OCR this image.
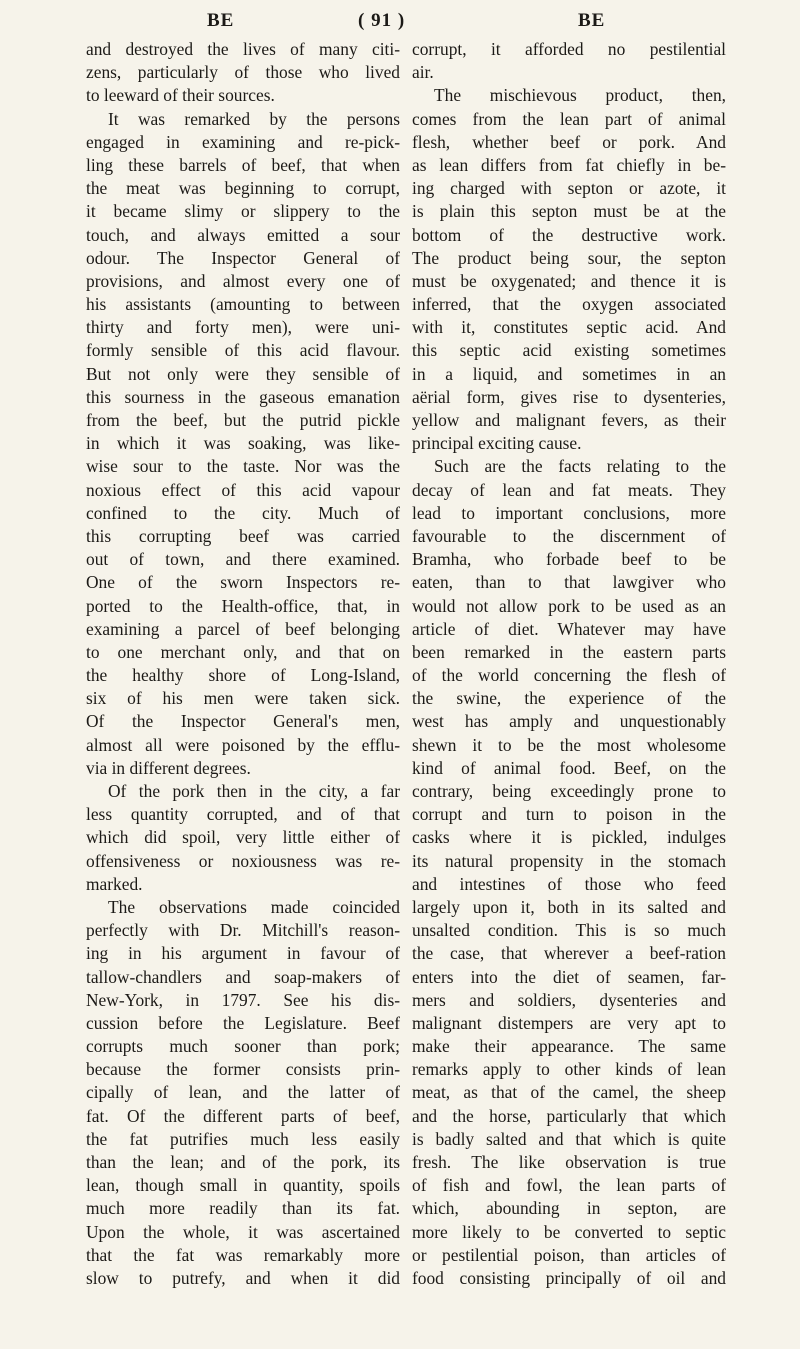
BE	( 91 )	BE
and destroyed the lives of many citi-
zens, particularly of those who lived
to leeward of their sources.
It was remarked by the persons
engaged in examining and re-pick-
ling these barrels of beef, that when
the meat was beginning to corrupt,
it became slimy or slippery to the
touch, and always emitted a sour
odour. The Inspector General of
provisions, and almost every one of
his assistants (amounting to between
thirty and forty men), were uni-
formly sensible of this acid flavour.
But not only were they sensible of
this sourness in the gaseous emanation
from the beef, but the putrid pickle
in which it was soaking, was like-
wise sour to the taste. Nor was the
noxious effect of this acid vapour
confined to the city. Much of
this corrupting beef was carried
out of town, and there examined.
One of the sworn Inspectors re-
ported to the Health-office, that, in
examining a parcel of beef belonging
to one merchant only, and that on
the healthy shore of Long-Island,
six of his men were taken sick.
Of the Inspector General's men,
almost all were poisoned by the efflu-
via in different degrees.
Of the pork then in the city, a far
less quantity corrupted, and of that
which did spoil, very little either of
offensiveness or noxiousness was re-
marked.
The observations made coincided
perfectly with Dr. Mitchill's reason-
ing in his argument in favour of
tallow-chandlers and soap-makers of
New-York, in 1797. See his dis-
cussion before the Legislature. Beef
corrupts much sooner than pork;
because the former consists prin-
cipally of lean, and the latter of
fat. Of the different parts of beef,
the fat putrifies much less easily
than the lean; and of the pork, its
lean, though small in quantity, spoils
much more readily than its fat.
Upon the whole, it was ascertained
that the fat was remarkably more
slow to putrefy, and when it did
corrupt, it afforded no pestilential
air.
The mischievous product, then,
comes from the lean part of animal
flesh, whether beef or pork. And
as lean differs from fat chiefly in be-
ing charged with septon or azote, it
is plain this septon must be at the
bottom of the destructive work.
The product being sour, the septon
must be oxygenated; and thence it is
inferred, that the oxygen associated
with it, constitutes septic acid. And
this septic acid existing sometimes
in a liquid, and sometimes in an
aërial form, gives rise to dysenteries,
yellow and malignant fevers, as their
principal exciting cause.
Such are the facts relating to the
decay of lean and fat meats. They
lead to important conclusions, more
favourable to the discernment of
Bramha, who forbade beef to be
eaten, than to that lawgiver who
would not allow pork to be used as an
article of diet. Whatever may have
been remarked in the eastern parts
of the world concerning the flesh of
the swine, the experience of the
west has amply and unquestionably
shewn it to be the most wholesome
kind of animal food. Beef, on the
contrary, being exceedingly prone to
corrupt and turn to poison in the
casks where it is pickled, indulges
its natural propensity in the stomach
and intestines of those who feed
largely upon it, both in its salted and
unsalted condition. This is so much
the case, that wherever a beef-ration
enters into the diet of seamen, far-
mers and soldiers, dysenteries and
malignant distempers are very apt to
make their appearance. The same
remarks apply to other kinds of lean
meat, as that of the camel, the sheep
and the horse, particularly that which
is badly salted and that which is quite
fresh. The like observation is true
of fish and fowl, the lean parts of
which, abounding in septon, are
more likely to be converted to septic
or pestilential poison, than articles of
food consisting principally of oil and
